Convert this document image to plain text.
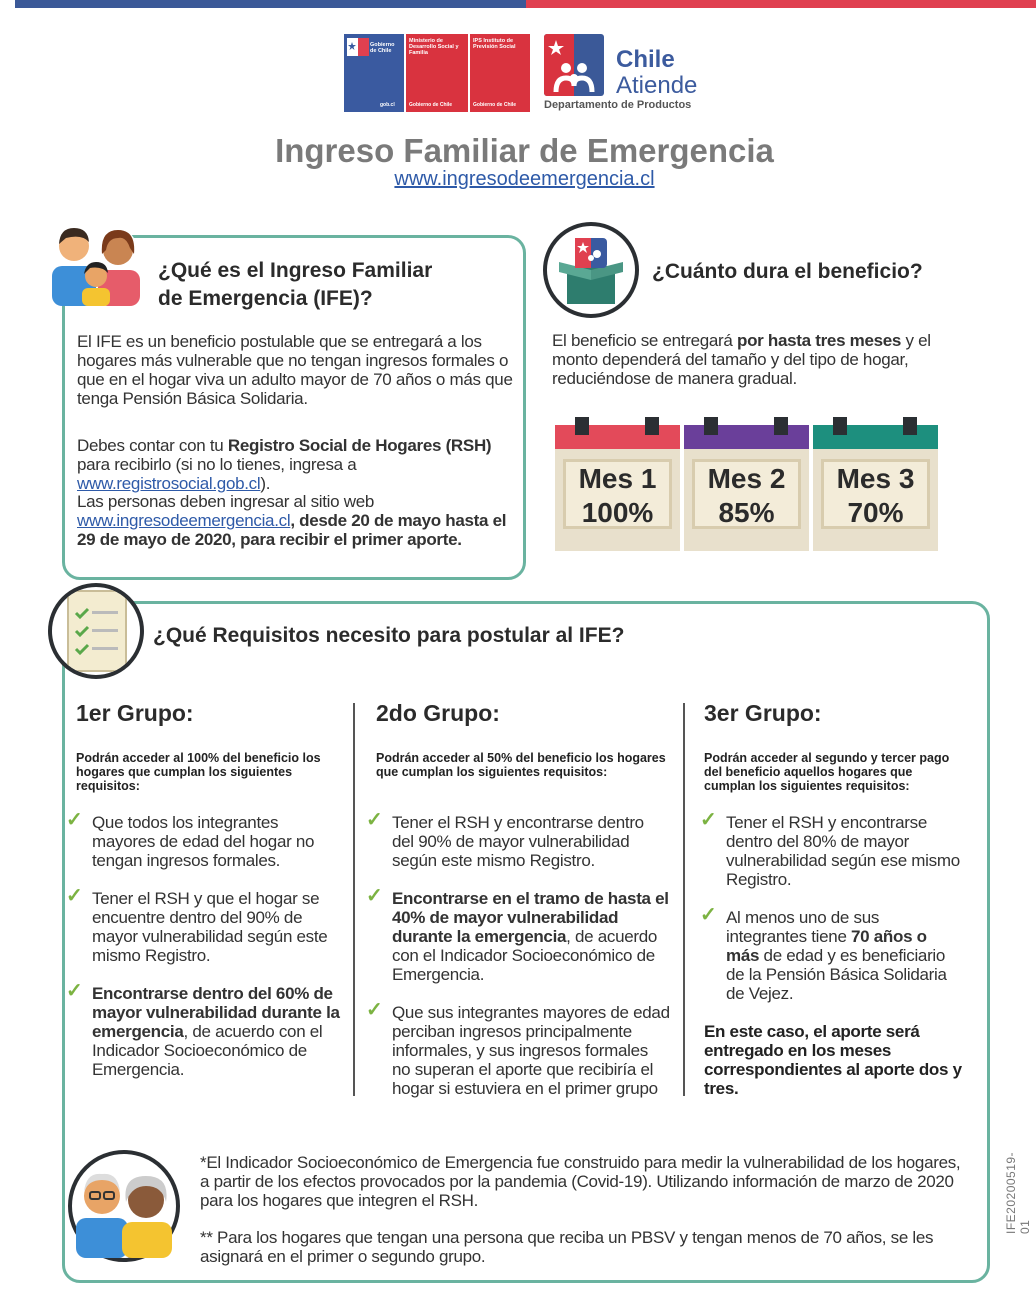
Gobierno de Chile
gob.cl
Ministerio de Desarrollo Social y Familia
Gobierno de Chile
IPS Instituto de Previsión Social
Gobierno de Chile
Chile
Atiende
Departamento de Productos
Ingreso Familiar de Emergencia
www.ingresodeemergencia.cl
¿Qué es el Ingreso Familiar
de Emergencia (IFE)?
El IFE es un beneficio postulable que se entregará a los hogares más vulnerable que no tengan ingresos formales o que en el hogar viva un adulto mayor de 70 años o más que tenga Pensión Básica Solidaria.
Debes contar con tu Registro Social de Hogares (RSH) para recibirlo (si no lo tienes, ingresa a www.registrosocial.gob.cl).
Las personas deben ingresar al sitio web www.ingresodeemergencia.cl, desde 20 de mayo hasta el 29 de mayo de 2020, para recibir el primer aporte.
¿Cuánto dura el beneficio?
El beneficio se entregará por hasta tres meses y el monto dependerá del tamaño y del tipo de hogar, reduciéndose de manera gradual.
Mes 1
100%
Mes 2
85%
Mes 3
70%
¿Qué Requisitos necesito para postular al IFE?
1er Grupo:
Podrán acceder al 100% del beneficio los hogares que cumplan los siguientes requisitos:
✓ Que todos los integrantes mayores de edad del hogar no tengan ingresos formales.
✓ Tener el RSH y que el hogar se encuentre dentro del 90% de mayor vulnerabilidad según este mismo Registro.
✓ Encontrarse dentro del 60% de mayor vulnerabilidad durante la emergencia, de acuerdo con el Indicador Socioeconómico de Emergencia.
2do Grupo:
Podrán acceder al 50% del beneficio los hogares que cumplan los siguientes requisitos:
✓ Tener el RSH y encontrarse dentro del 90% de mayor vulnerabilidad según este mismo Registro.
✓ Encontrarse en el tramo de hasta el 40% de mayor vulnerabilidad durante la emergencia, de acuerdo con el Indicador Socioeconómico de Emergencia.
✓ Que sus integrantes mayores de edad perciban ingresos principalmente informales, y sus ingresos formales no superan el aporte que recibiría el hogar si estuviera en el primer grupo
3er Grupo:
Podrán acceder al segundo y tercer pago del beneficio aquellos hogares que cumplan los siguientes requisitos:
✓ Tener el RSH y encontrarse dentro del 80% de mayor vulnerabilidad según ese mismo Registro.
✓ Al menos uno de sus integrantes tiene 70 años o más de edad y es beneficiario de la Pensión Básica Solidaria de Vejez.
En este caso, el aporte será entregado en los meses correspondientes al aporte dos y tres.
*El Indicador Socioeconómico de Emergencia fue construido para medir la vulnerabilidad de los hogares, a partir de los efectos provocados por la pandemia (Covid-19). Utilizando información de marzo de 2020 para los hogares que integren el RSH.
** Para los hogares que tengan una persona que reciba un PBSV y tengan menos de 70 años, se les asignará en el primer o segundo grupo.
IFE20200519-01
